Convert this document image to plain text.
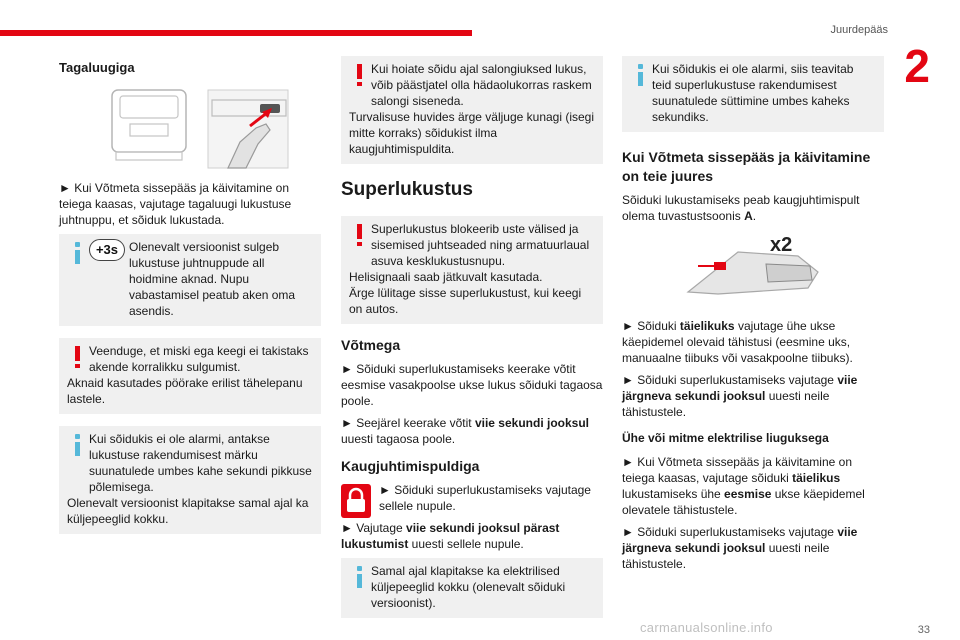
Juurdepääs
2
33
carmanualsonline.info
Tagaluugiga

► Kui Võtmeta sissepääs ja käivitamine on teiega kaasas, vajutage tagaluugi lukustuse juhtnuppu, et sõiduk lukustada.

+3s Olenevalt versioonist sulgeb lukustuse juhtnuppude all hoidmine aknad. Nupu vabastamisel peatub aken oma asendis.
Veenduge, et miski ega keegi ei takistaks akende korralikku sulgumist.
Aknaid kasutades pöörake erilist tähelepanu lastele.
Kui sõidukis ei ole alarmi, antakse lukustuse rakendumisest märku suunatulede umbes kahe sekundi pikkuse põlemisega.
Olenevalt versioonist klapitakse samal ajal ka küljepeeglid kokku.
Kui hoiate sõidu ajal salongiuksed lukus, võib päästjatel olla hädaolukorras raskem salongi siseneda.
Turvalisuse huvides ärge väljuge kunagi (isegi mitte korraks) sõidukist ilma kaugjuhtimispuldita.
Superlukustus
Superlukustus blokeerib uste välised ja sisemised juhtseaded ning armatuurlaual asuva kesklukustusnupu.
Helisignaali saab jätkuvalt kasutada.
Ärge lülitage sisse superlukustust, kui keegi on autos.
Võtmega

► Sõiduki superlukustamiseks keerake võtit eesmise vasakpoolse ukse lukus sõiduki tagaosa poole.

► Seejärel keerake võtit viie sekundi jooksul uuesti tagaosa poole.

Kaugjuhtimispuldiga

► Sõiduki superlukustamiseks vajutage sellele nupule.

► Vajutage viie sekundi jooksul pärast lukustumist uuesti sellele nupule.

Samal ajal klapitakse ka elektrilised küljepeeglid kokku (olenevalt sõiduki versioonist).
Kui sõidukis ei ole alarmi, siis teavitab teid superlukustuse rakendumisest suunatulede süttimine umbes kaheks sekundiks.
Kui Võtmeta sissepääs ja käivitamine on teie juures

Sõiduki lukustamiseks peab kaugjuhtimispult olema tuvastustsoonis A.

x2

► Sõiduki täielikuks vajutage ühe ukse käepidemel olevaid tähistusi (eesmine uks, manuaalne tiibuks või vasakpoolne tiibuks).

► Sõiduki superlukustamiseks vajutage viie järgneva sekundi jooksul uuesti neile tähistustele.

Ühe või mitme elektrilise liuguksega

► Kui Võtmeta sissepääs ja käivitamine on teiega kaasas, vajutage sõiduki täielikus lukustamiseks ühe eesmise ukse käepidemel olevatele tähistustele.

► Sõiduki superlukustamiseks vajutage viie järgneva sekundi jooksul uuesti neile tähistustele.
